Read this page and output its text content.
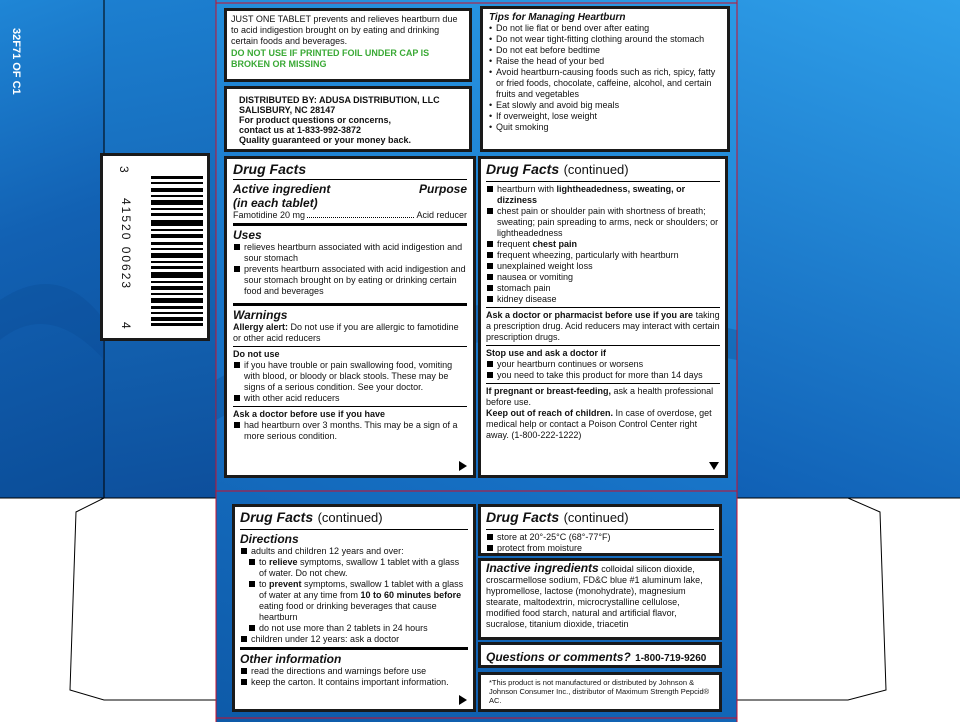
32F71 OF C1
3
41520 00623
4
JUST ONE TABLET prevents and relieves heartburn due to acid indigestion brought on by eating and drinking certain foods and beverages.
DO NOT USE IF PRINTED FOIL UNDER CAP IS BROKEN OR MISSING
DISTRIBUTED BY: ADUSA DISTRIBUTION, LLC
SALISBURY, NC 28147
For product questions or concerns,
contact us at 1-833-992-3872
Quality guaranteed or your money back.
Tips for Managing Heartburn
• Do not lie flat or bend over after eating
• Do not wear tight-fitting clothing around the stomach
• Do not eat before bedtime
• Raise the head of your bed
• Avoid heartburn-causing foods such as rich, spicy, fatty or fried foods, chocolate, caffeine, alcohol, and certain fruits and vegetables
• Eat slowly and avoid big meals
• If overweight, lose weight
• Quit smoking
Drug Facts
Active ingredient	Purpose
(in each tablet)
Famotidine 20 mg	Acid reducer
Uses
relieves heartburn associated with acid indigestion and sour stomach
prevents heartburn associated with acid indigestion and sour stomach brought on by eating or drinking certain food and beverages
Warnings
Allergy alert: Do not use if you are allergic to famotidine or other acid reducers
Do not use
if you have trouble or pain swallowing food, vomiting with blood, or bloody or black stools. These may be signs of a serious condition. See your doctor.
with other acid reducers
Ask a doctor before use if you have
had heartburn over 3 months. This may be a sign of a more serious condition.
Drug Facts (continued)
heartburn with lightheadedness, sweating, or dizziness
chest pain or shoulder pain with shortness of breath; sweating; pain spreading to arms, neck or shoulders; or lightheadedness
frequent chest pain
frequent wheezing, particularly with heartburn
unexplained weight loss
nausea or vomiting
stomach pain
kidney disease
Ask a doctor or pharmacist before use if you are taking a prescription drug. Acid reducers may interact with certain prescription drugs.
Stop use and ask a doctor if
your heartburn continues or worsens
you need to take this product for more than 14 days
If pregnant or breast-feeding, ask a health professional before use.
Keep out of reach of children. In case of overdose, get medical help or contact a Poison Control Center right away. (1-800-222-1222)
Drug Facts (continued)
Directions
adults and children 12 years and over:
to relieve symptoms, swallow 1 tablet with a glass of water. Do not chew.
to prevent symptoms, swallow 1 tablet with a glass of water at any time from 10 to 60 minutes before eating food or drinking beverages that cause heartburn
do not use more than 2 tablets in 24 hours
children under 12 years: ask a doctor
Other information
read the directions and warnings before use
keep the carton. It contains important information.
Drug Facts (continued)
store at 20°-25°C (68°-77°F)
protect from moisture
Inactive ingredients colloidal silicon dioxide, croscarmellose sodium, FD&C blue #1 aluminum lake, hypromellose, lactose (monohydrate), magnesium stearate, maltodextrin, microcrystalline cellulose, modified food starch, natural and artificial flavor, sucralose, titanium dioxide, triacetin
Questions or comments? 1-800-719-9260
*This product is not manufactured or distributed by Johnson & Johnson Consumer Inc., distributor of Maximum Strength Pepcid® AC.
